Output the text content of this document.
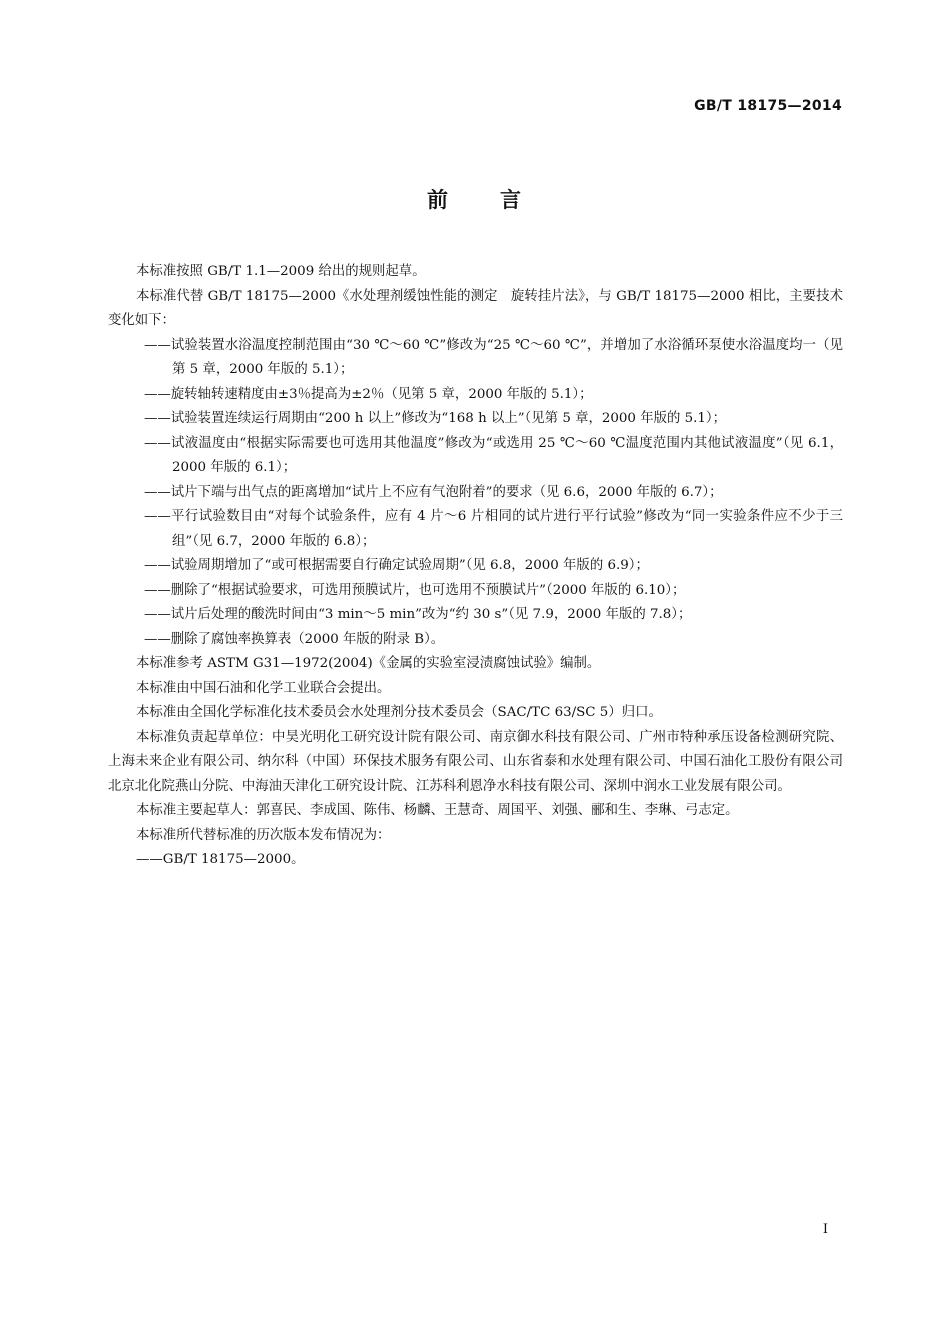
GB/T 18175—2014
前 言

本标准按照 GB/T 1.1—2009 给出的规则起草。

本标准代替 GB/T 18175—2000《水处理剂缓蚀性能的测定　旋转挂片法》，与 GB/T 18175—2000 相比，主要技术变化如下：

——试验装置水浴温度控制范围由“30 ℃～60 ℃”修改为“25 ℃～60 ℃”，并增加了水浴循环泵使水浴温度均一（见第 5 章，2000 年版的 5.1）；

——旋转轴转速精度由±3％提高为±2％（见第 5 章，2000 年版的 5.1）；

——试验装置连续运行周期由“200 h 以上”修改为“168 h 以上”（见第 5 章，2000 年版的 5.1）；

——试液温度由“根据实际需要也可选用其他温度”修改为“或选用 25 ℃～60 ℃温度范围内其他试液温度”（见 6.1，2000 年版的 6.1）；

——试片下端与出气点的距离增加“试片上不应有气泡附着”的要求（见 6.6，2000 年版的 6.7）；

——平行试验数目由“对每个试验条件，应有 4 片～6 片相同的试片进行平行试验”修改为“同一实验条件应不少于三组”（见 6.7，2000 年版的 6.8）；

——试验周期增加了“或可根据需要自行确定试验周期”（见 6.8，2000 年版的 6.9）；

——删除了“根据试验要求，可选用预膜试片，也可选用不预膜试片”（2000 年版的 6.10）；

——试片后处理的酸洗时间由“3 min～5 min”改为“约 30 s”（见 7.9，2000 年版的 7.8）；

——删除了腐蚀率换算表（2000 年版的附录 B）。

本标准参考 ASTM G31—1972(2004)《金属的实验室浸渍腐蚀试验》编制。

本标准由中国石油和化学工业联合会提出。

本标准由全国化学标准化技术委员会水处理剂分技术委员会（SAC/TC 63/SC 5）归口。

本标准负责起草单位：中昊光明化工研究设计院有限公司、南京御水科技有限公司、广州市特种承压设备检测研究院、上海未来企业有限公司、纳尔科（中国）环保技术服务有限公司、山东省泰和水处理有限公司、中国石油化工股份有限公司北京北化院燕山分院、中海油天津化工研究设计院、江苏科利恩净水科技有限公司、深圳中润水工业发展有限公司。

本标准主要起草人：郭喜民、李成国、陈伟、杨麟、王慧奇、周国平、刘强、郦和生、李琳、弓志定。

本标准所代替标准的历次版本发布情况为：

——GB/T 18175—2000。

Ⅰ
